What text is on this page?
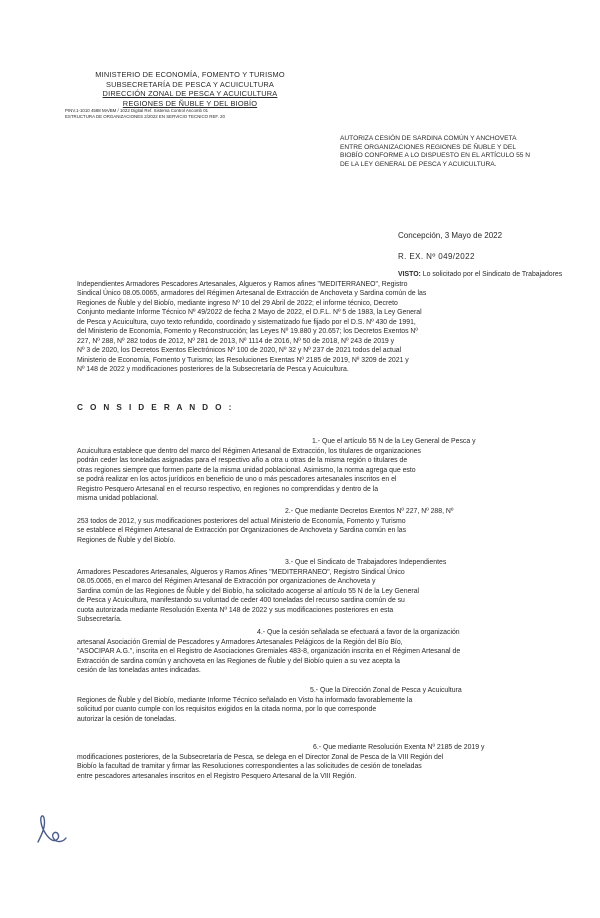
MINISTERIO DE ECONOMÍA, FOMENTO Y TURISMO
SUBSECRETARÍA DE PESCA Y ACUICULTURA
DIRECCIÓN ZONAL DE PESCA Y ACUICULTURA
REGIONES DE ÑUBLE Y DEL BIOBÍO
PINV.1-1010 4588 MA/BM / 1022 Digital Ref. Sistema Control Ancomb 01
ESTRUCTURA DE ORGANIZACIONES 2/2022 EN SERVICIO TECNICO REF. 20
AUTORIZA CESIÓN DE SARDINA COMÚN Y ANCHOVETA ENTRE ORGANIZACIONES REGIONES DE ÑUBLE Y DEL BIOBÍO CONFORME A LO DISPUESTO EN EL ARTÍCULO 55 N DE LA LEY GENERAL DE PESCA Y ACUICULTURA.
Concepción, 3 Mayo de 2022
R. EX. Nº 049/2022
VISTO: Lo solicitado por el Sindicato de Trabajadores
Independientes Armadores Pescadores Artesanales, Algueros y Ramos afines "MEDITERRANEO", Registro
Sindical Único 08.05.0065, armadores del Régimen Artesanal de Extracción de Anchoveta y Sardina común de las
Regiones de Ñuble y del Biobío, mediante ingreso Nº 10 del 29 Abril de 2022; el informe técnico, Decreto
Conjunto mediante Informe Técnico Nº 49/2022 de fecha 2 Mayo de 2022, el D.F.L. Nº 5 de 1983, la Ley General
de Pesca y Acuicultura, cuyo texto refundido, coordinado y sistematizado fue fijado por el D.S. Nº 430 de 1991,
del Ministerio de Economía, Fomento y Reconstrucción; las Leyes Nº 19.880 y 20.657; los Decretos Exentos Nº
227, Nº 288, Nº 282 todos de 2012, Nº 281 de 2013, Nº 1114 de 2016, Nº 50 de 2018, Nº 243 de 2019 y
Nº 3 de 2020, los Decretos Exentos Electrónicos Nº 100 de 2020, Nº 32 y Nº 237 de 2021 todos del actual
Ministerio de Economía, Fomento y Turismo; las Resoluciones Exentas Nº 2185 de 2019, Nº 3209 de 2021 y
Nº 148 de 2022 y modificaciones posteriores de la Subsecretaría de Pesca y Acuicultura.
C O N S I D E R A N D O :
1.- Que el artículo 55 N de la Ley General de Pesca y
Acuicultura establece que dentro del marco del Régimen Artesanal de Extracción, los titulares de organizaciones
podrán ceder las toneladas asignadas para el respectivo año a otra u otras de la misma región o titulares de
otras regiones siempre que formen parte de la misma unidad poblacional. Asimismo, la norma agrega que esto
se podrá realizar en los actos jurídicos en beneficio de uno o más pescadores artesanales inscritos en el
Registro Pesquero Artesanal en el recurso respectivo, en regiones no comprendidas y dentro de la
misma unidad poblacional.
2.- Que mediante Decretos Exentos Nº 227, Nº 288, Nº
253 todos de 2012, y sus modificaciones posteriores del actual Ministerio de Economía, Fomento y Turismo
se establece el Régimen Artesanal de Extracción por Organizaciones de Anchoveta y Sardina común en las
Regiones de Ñuble y del Biobío.
3.- Que el Sindicato de Trabajadores Independientes
Armadores Pescadores Artesanales, Algueros y Ramos Afines "MEDITERRANEO", Registro Sindical Único
08.05.0065, en el marco del Régimen Artesanal de Extracción por organizaciones de Anchoveta y
Sardina común de las Regiones de Ñuble y del Biobío, ha solicitado acogerse al artículo 55 N de la Ley General
de Pesca y Acuicultura, manifestando su voluntad de ceder 400 toneladas del recurso sardina común de su
cuota autorizada mediante Resolución Exenta Nº 148 de 2022 y sus modificaciones posteriores en esta
Subsecretaría.
4.- Que la cesión señalada se efectuará a favor de la organización
artesanal Asociación Gremial de Pescadores y Armadores Artesanales Pelágicos de la Región del Bío Bío,
"ASOCIPAR A.G.", inscrita en el Registro de Asociaciones Gremiales 483-8, organización inscrita en el Régimen Artesanal de
Extracción de sardina común y anchoveta en las Regiones de Ñuble y del Biobío quien a su vez acepta la
cesión de las toneladas antes indicadas.
5.- Que la Dirección Zonal de Pesca y Acuicultura
Regiones de Ñuble y del Biobío, mediante Informe Técnico señalado en Visto ha informado favorablemente la
solicitud por cuanto cumple con los requisitos exigidos en la citada norma, por lo que corresponde
autorizar la cesión de toneladas.
6.- Que mediante Resolución Exenta Nº 2185 de 2019 y
modificaciones posteriores, de la Subsecretaría de Pesca, se delega en el Director Zonal de Pesca de la VIII Región del
Biobío la facultad de tramitar y firmar las Resoluciones correspondientes a las solicitudes de cesión de toneladas
entre pescadores artesanales inscritos en el Registro Pesquero Artesanal de la VIII Región.
